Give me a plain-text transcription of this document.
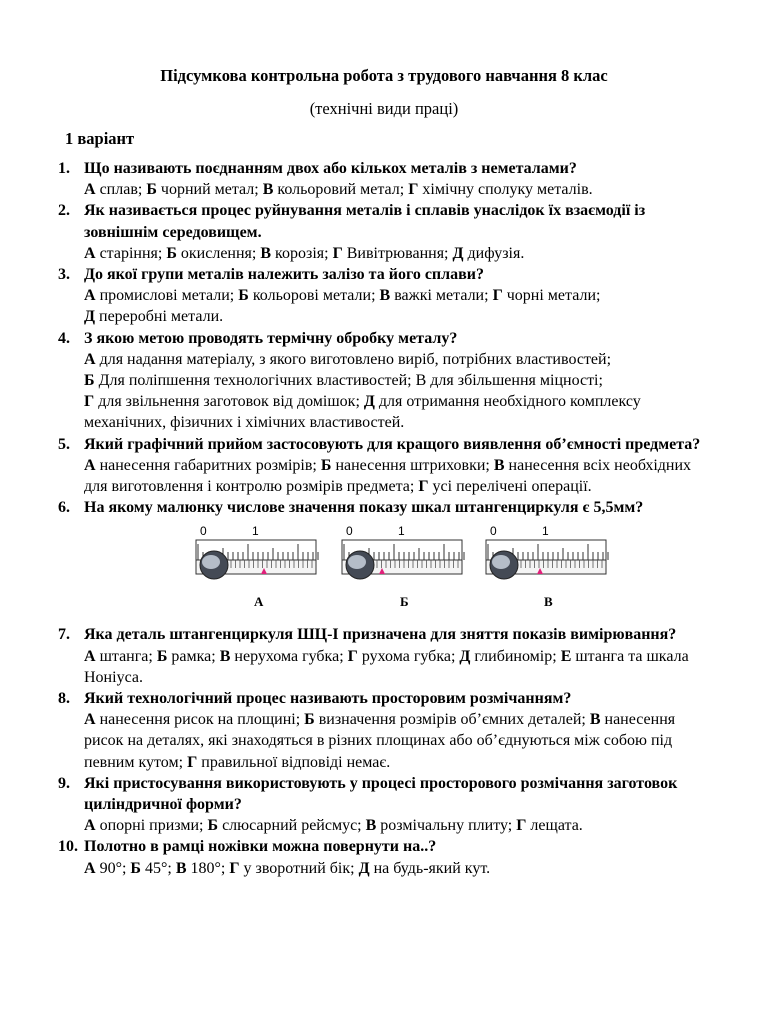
Підсумкова контрольна робота з трудового навчання 8 клас
(технічні види праці)
1 варіант
1. Що називають поєднанням двох або кількох металів з неметалами?
А сплав; Б чорний метал; В кольоровий метал; Г хімічну сполуку металів.
2. Як називається процес руйнування металів і сплавів унаслідок їх взаємодії із зовнішнім середовищем.
А старіння; Б окислення; В корозія; Г Вивітрювання; Д дифузія.
3. До якої групи металів належить залізо та його сплави?
А промислові метали; Б кольорові метали; В важкі метали; Г чорні метали;
Д переробні метали.
4. З якою метою проводять термічну обробку металу?
А для надання матеріалу, з якого виготовлено виріб, потрібних властивостей;
Б Для поліпшення технологічних властивостей; В для збільшення міцності;
Г для звільнення заготовок від домішок; Д для отримання необхідного комплексу механічних, фізичних і хімічних властивостей.
5. Який графічний прийом застосовують для кращого виявлення об’ємності предмета?
А нанесення габаритних розмірів; Б нанесення штриховки; В нанесення всіх необхідних для виготовлення і контролю розмірів предмета; Г усі перелічені операції.
6. На якому малюнку числове значення показу шкал штангенциркуля є 5,5мм?
0	1
А
0	1
Б
0	1
В
7. Яка деталь штангенциркуля ШЦ-І призначена для зняття показів вимірювання?
А штанга; Б рамка; В нерухома губка; Г рухома губка; Д глибиномір; Е штанга та шкала Ноніуса.
8. Який технологічний процес називають просторовим розмічанням?
А нанесення рисок на площині; Б визначення розмірів об’ємних деталей; В нанесення рисок на деталях, які знаходяться в різних площинах або об’єднуються між собою під певним кутом; Г правильної відповіді немає.
9. Які пристосування використовують у процесі просторового розмічання заготовок циліндричної форми?
А опорні призми; Б слюсарний рейсмус; В розмічальну плиту; Г лещата.
10. Полотно в рамці ножівки можна повернути на..?
А 90°; Б 45°; В 180°; Г у зворотний бік; Д на будь-який кут.
